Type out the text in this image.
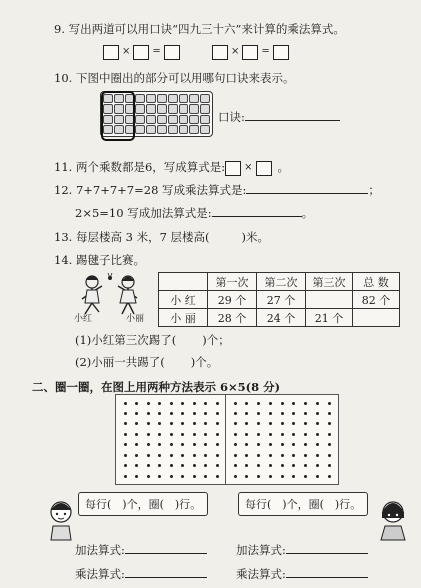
9. 写出两道可以用口诀“四九三十六”来计算的乘法算式。
× =	× =
10. 下图中圈出的部分可以用哪句口诀来表示。
口诀:
11. 两个乘数都是6，写成算式是: × 。
12. 7+7+7+7=28 写成乘法算式是:	；
2×5=10 写成加法算式是:	。
13. 每层楼高 3 米，7 层楼高(	)米。
14. 踢毽子比赛。
小红	小丽
	第一次	第二次	第三次	总 数
小 红	29 个	27 个		82 个
小 丽	28 个	24 个	21 个	
(1)小红第三次踢了( )个；
(2)小丽一共踢了( )个。
二、圈一圈，在图上用两种方法表示 6×5(8 分)
每行(　)个，圈(　)行。	每行(　)个，圈(　)行。
加法算式:
乘法算式:
加法算式:
乘法算式:
